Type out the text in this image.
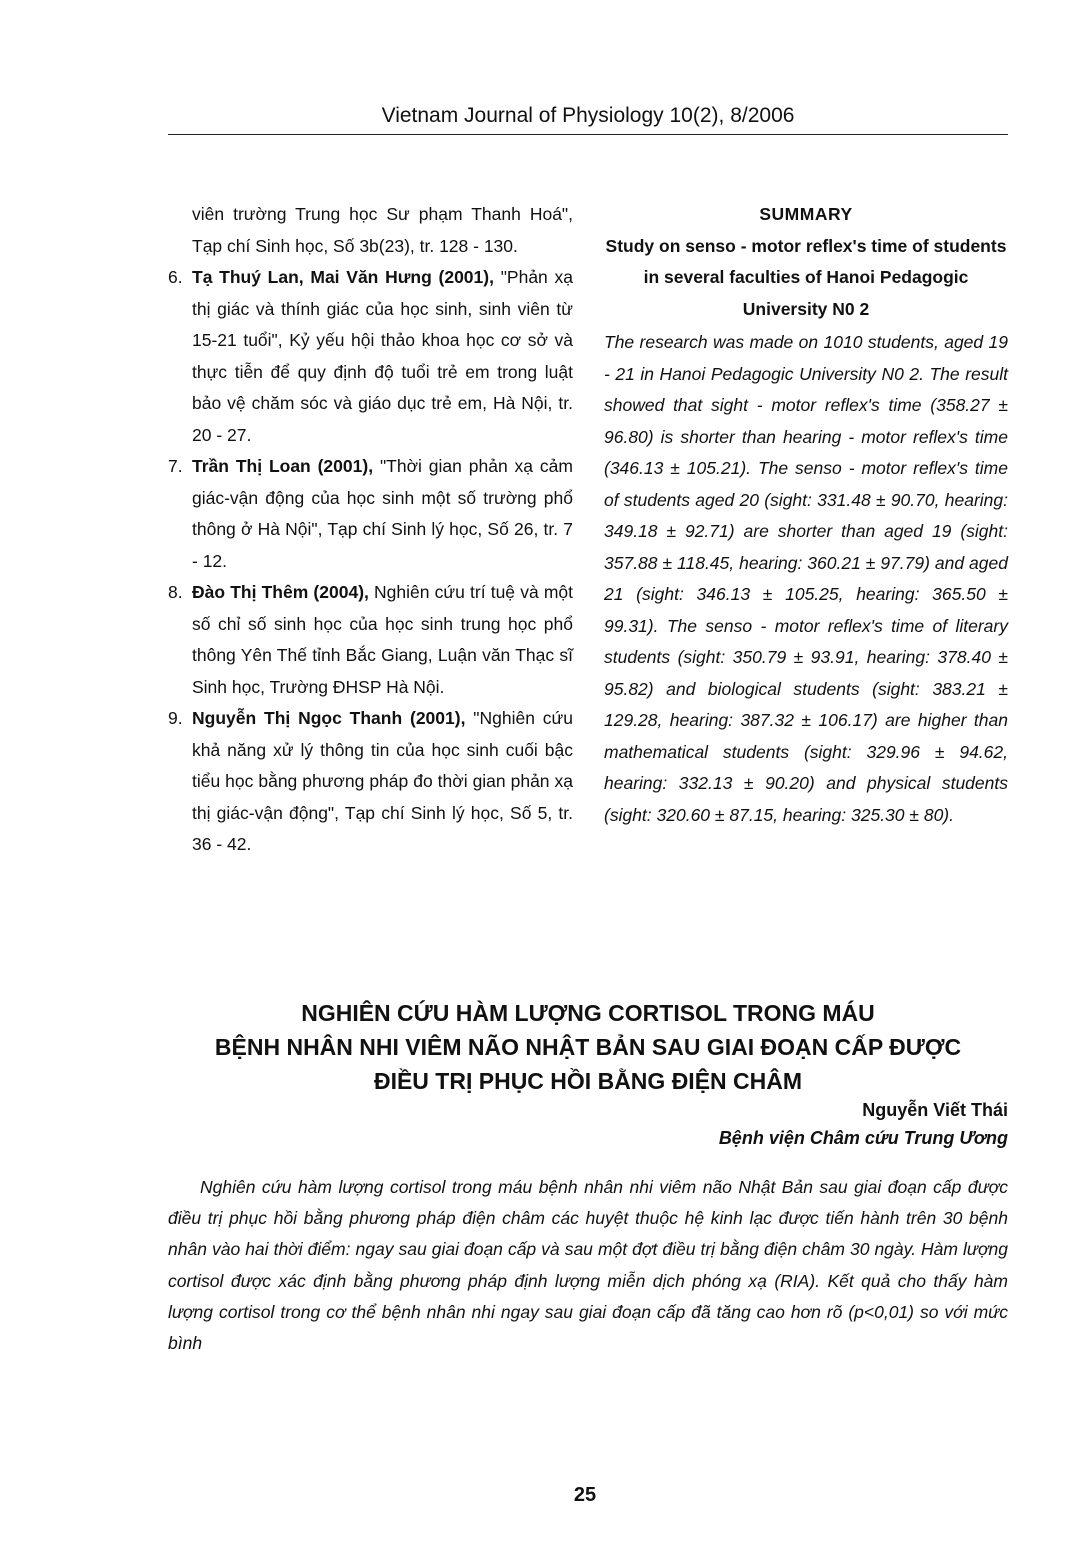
Vietnam Journal of Physiology 10(2), 8/2006
viên trường Trung học Sư phạm Thanh Hoá", Tạp chí Sinh học, Số 3b(23), tr. 128 - 130.
6. Tạ Thuý Lan, Mai Văn Hưng (2001), "Phản xạ thị giác và thính giác của học sinh, sinh viên từ 15-21 tuổi", Kỷ yếu hội thảo khoa học cơ sở và thực tiễn để quy định độ tuổi trẻ em trong luật bảo vệ chăm sóc và giáo dục trẻ em, Hà Nội, tr. 20 - 27.
7. Trần Thị Loan (2001), "Thời gian phản xạ cảm giác-vận động của học sinh một số trường phổ thông ở Hà Nội", Tạp chí Sinh lý học, Số 26, tr. 7 - 12.
8. Đào Thị Thêm (2004), Nghiên cứu trí tuệ và một số chỉ số sinh học của học sinh trung học phổ thông Yên Thế tỉnh Bắc Giang, Luận văn Thạc sĩ Sinh học, Trường ĐHSP Hà Nội.
9. Nguyễn Thị Ngọc Thanh (2001), "Nghiên cứu khả năng xử lý thông tin của học sinh cuối bậc tiểu học bằng phương pháp đo thời gian phản xạ thị giác-vận động", Tạp chí Sinh lý học, Số 5, tr. 36 - 42.
SUMMARY
Study on senso - motor reflex's time of students in several faculties of Hanoi Pedagogic University N0 2
The research was made on 1010 students, aged 19 - 21 in Hanoi Pedagogic University N0 2. The result showed that sight - motor reflex's time (358.27 ± 96.80) is shorter than hearing - motor reflex's time (346.13 ± 105.21). The senso - motor reflex's time of students aged 20 (sight: 331.48 ± 90.70, hearing: 349.18 ± 92.71) are shorter than aged 19 (sight: 357.88 ± 118.45, hearing: 360.21 ± 97.79) and aged 21 (sight: 346.13 ± 105.25, hearing: 365.50 ± 99.31). The senso - motor reflex's time of literary students (sight: 350.79 ± 93.91, hearing: 378.40 ± 95.82) and biological students (sight: 383.21 ± 129.28, hearing: 387.32 ± 106.17) are higher than mathematical students (sight: 329.96 ± 94.62, hearing: 332.13 ± 90.20) and physical students (sight: 320.60 ± 87.15, hearing: 325.30 ± 80).
NGHIÊN CỨU HÀM LƯỢNG CORTISOL TRONG MÁU
BỆNH NHÂN NHI VIÊM NÃO NHẬT BẢN SAU GIAI ĐOẠN CẤP ĐƯỢC
ĐIỀU TRỊ PHỤC HỒI BẰNG ĐIỆN CHÂM
Nguyễn Viết Thái
Bệnh viện Châm cứu Trung Ương
Nghiên cứu hàm lượng cortisol trong máu bệnh nhân nhi viêm não Nhật Bản sau giai đoạn cấp được điều trị phục hồi bằng phương pháp điện châm các huyệt thuộc hệ kinh lạc được tiến hành trên 30 bệnh nhân vào hai thời điểm: ngay sau giai đoạn cấp và sau một đợt điều trị bằng điện châm 30 ngày. Hàm lượng cortisol được xác định bằng phương pháp định lượng miễn dịch phóng xạ (RIA). Kết quả cho thấy hàm lượng cortisol trong cơ thể bệnh nhân nhi ngay sau giai đoạn cấp đã tăng cao hơn rõ (p<0,01) so với mức bình
25
